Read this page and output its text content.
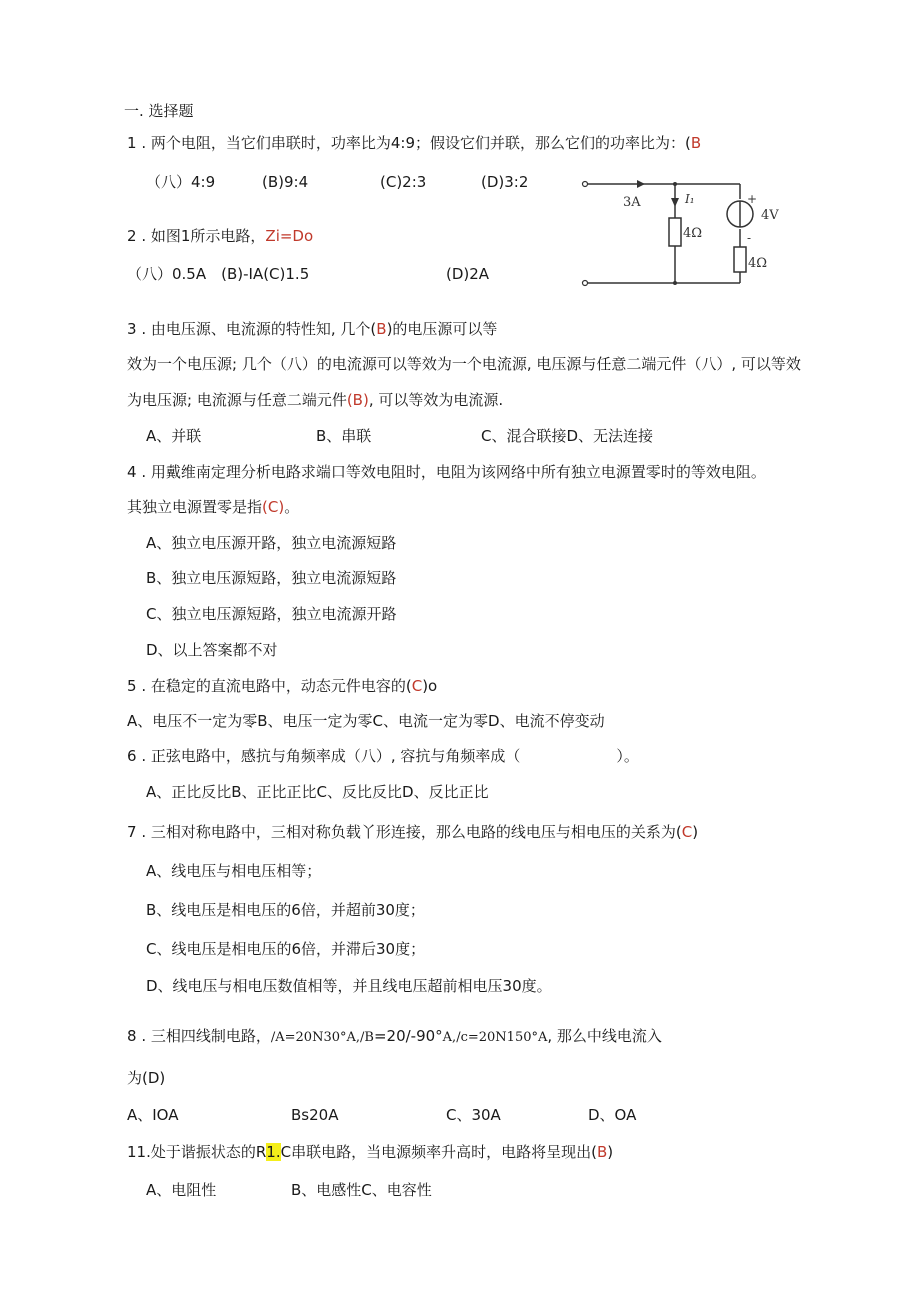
一. 选择题
1 . 两个电阻，当它们串联时，功率比为4:9；假设它们并联，那么它们的功率比为：(B
（八）4:9	(B)9:4	(C)2:3	(D)3:2
2 . 如图1所示电路，Zi=Do
（八）0.5A　(B)-IA(C)1.5	(D)2A
3A	I₁
4Ω
4Ω
4V
+
-
3 . 由电压源、电流源的特性知, 几个(B)的电压源可以等
效为一个电压源; 几个（八）的电流源可以等效为一个电流源, 电压源与任意二端元件（八）, 可以等效
为电压源; 电流源与任意二端元件(B), 可以等效为电流源.
A、并联	B、串联	C、混合联接D、无法连接
4 . 用戴维南定理分析电路求端口等效电阻时，电阻为该网络中所有独立电源置零时的等效电阻。
其独立电源置零是指(C)。
A、独立电压源开路，独立电流源短路
B、独立电压源短路，独立电流源短路
C、独立电压源短路，独立电流源开路
D、以上答案都不对
5 . 在稳定的直流电路中，动态元件电容的(C)o
A、电压不一定为零B、电压一定为零C、电流一定为零D、电流不停变动
6 . 正弦电路中，感抗与角频率成（八）, 容抗与角频率成（	）。
A、正比反比B、正比正比C、反比反比D、反比正比
7 . 三相对称电路中，三相对称负载丫形连接，那么电路的线电压与相电压的关系为(C)
A、线电压与相电压相等；
B、线电压是相电压的6倍，并超前30度；
C、线电压是相电压的6倍，并滞后30度；
D、线电压与相电压数值相等，并且线电压超前相电压30度。
8 . 三相四线制电路，/A=20N30°A,/B=20/-90°A,/c=20N150°A, 那么中线电流入
为(D)
A、IOA	Bs20A	C、30A	D、OA
11.处于谐振状态的R1.C串联电路，当电源频率升高时，电路将呈现出(B)
A、电阻性	B、电感性C、电容性
